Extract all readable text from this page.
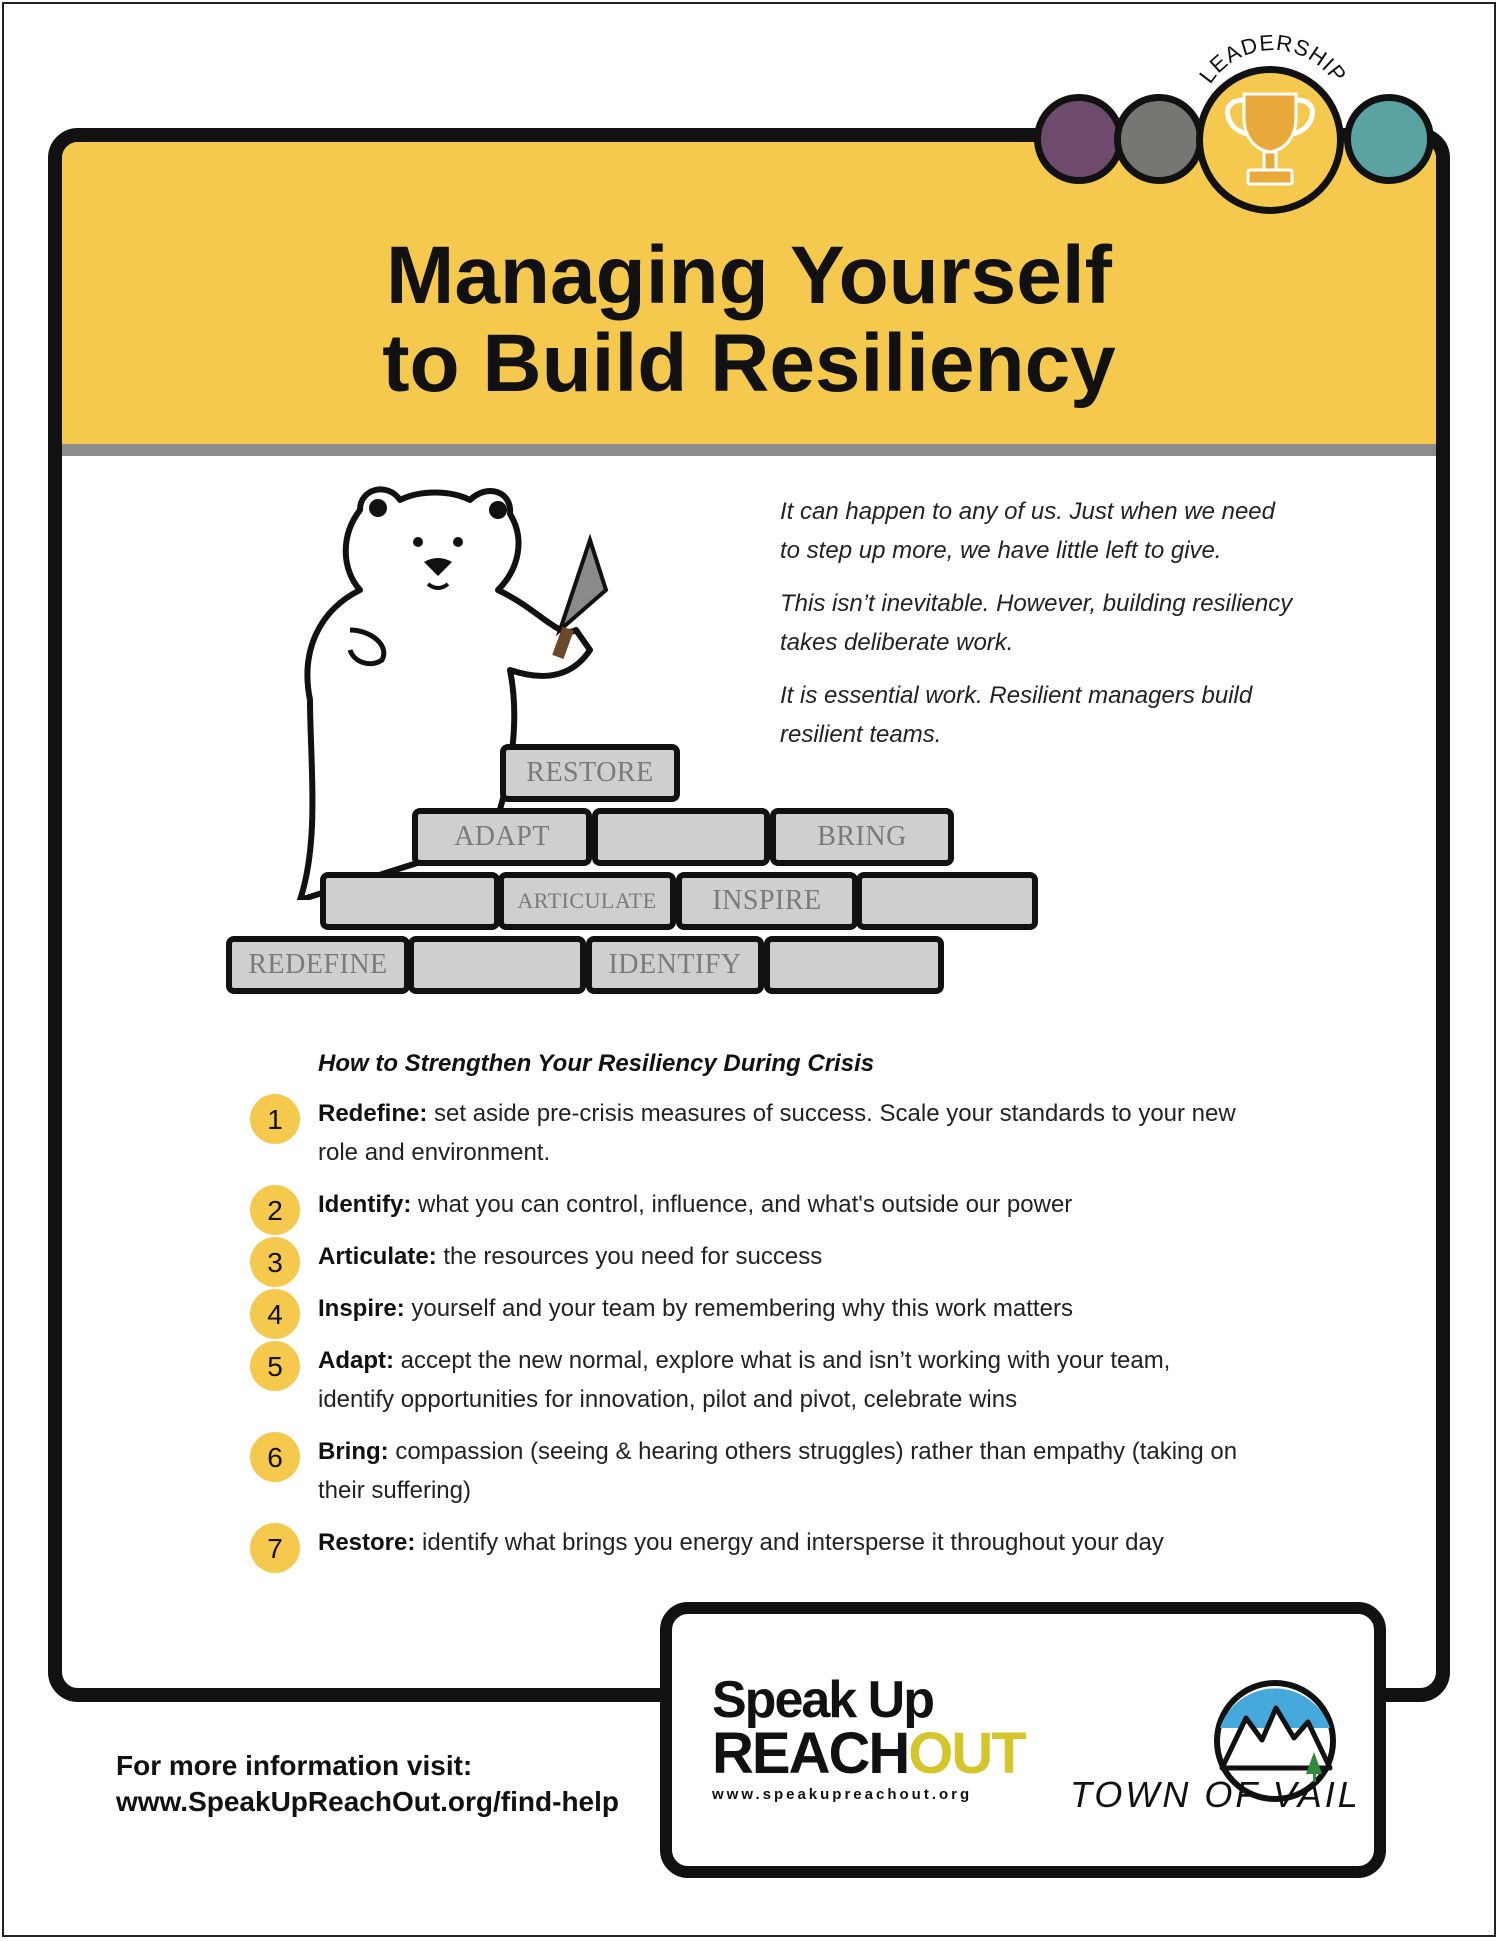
Managing Yourself
to Build Resiliency
LEADERSHIP

It can happen to any of us. Just when we need to step up more, we have little left to give.

This isn’t inevitable. However, building resiliency takes deliberate work.

It is essential work. Resilient managers build resilient teams.

RESTORE
ADAPT	BRING
ARTICULATE	INSPIRE
REDEFINE	IDENTIFY
How to Strengthen Your Resiliency During Crisis
1	Redefine: set aside pre-crisis measures of success. Scale your standards to your new role and environment.
2	Identify: what you can control, influence, and what's outside our power
3	Articulate: the resources you need for success
4	Inspire: yourself and your team by remembering why this work matters
5	Adapt: accept the new normal, explore what is and isn’t working with your team, identify opportunities for innovation, pilot and pivot, celebrate wins
6	Bring: compassion (seeing & hearing others struggles) rather than empathy (taking on their suffering)
7	Restore: identify what brings you energy and intersperse it throughout your day
For more information visit:
www.SpeakUpReachOut.org/find-help
Speak Up
REACHOUT
www.speakupreachout.org	TOWN OF VAIL
